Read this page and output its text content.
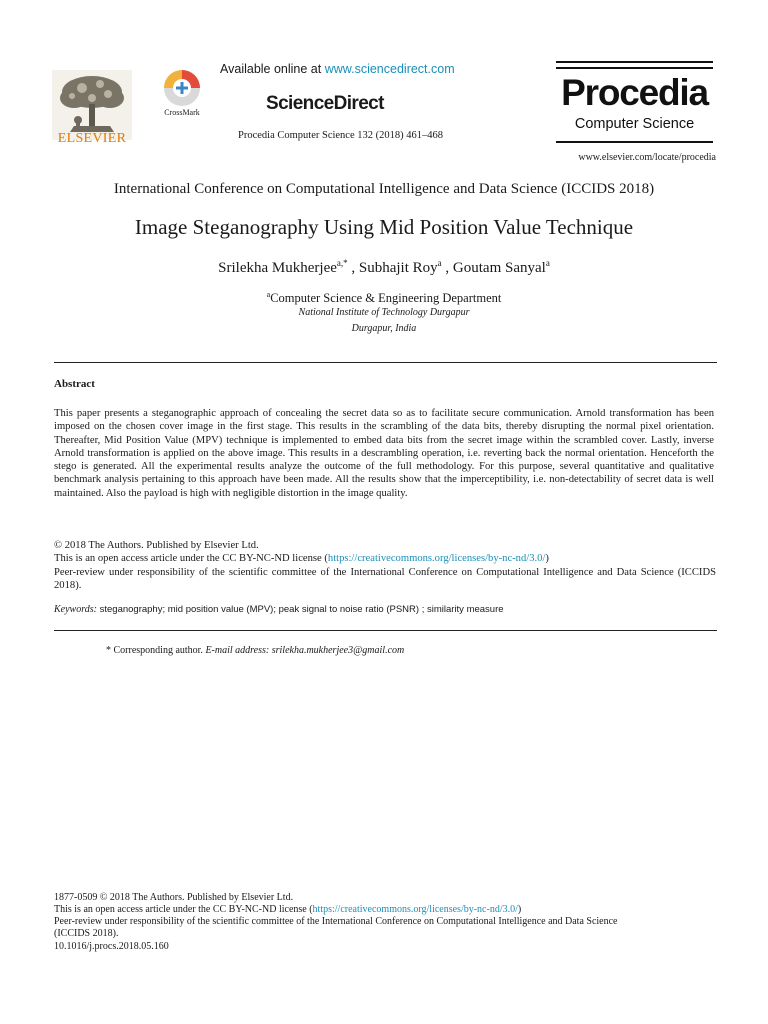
ELSEVIER
CrossMark
Available online at www.sciencedirect.com
ScienceDirect
Procedia Computer Science 132 (2018) 461–468
Procedia
Computer Science
www.elsevier.com/locate/procedia
International Conference on Computational Intelligence and Data Science (ICCIDS 2018)
Image Steganography Using Mid Position Value Technique
Srilekha Mukherjee$^{a,*}$ , Subhajit Roy$^a$ , Goutam Sanyal$^a$
$^a$Computer Science & Engineering Department
National Institute of Technology Durgapur
Durgapur, India
Abstract
This paper presents a steganographic approach of concealing the secret data so as to facilitate secure communication. Arnold transformation has been imposed on the chosen cover image in the first stage. This results in the scrambling of the data bits, thereby disrupting the normal pixel orientation. Thereafter, Mid Position Value (MPV) technique is implemented to embed data bits from the secret image within the scrambled cover. Lastly, inverse Arnold transformation is applied on the above image. This results in a descrambling operation, i.e. reverting back the normal orientation. Henceforth the stego is generated. All the experimental results analyze the outcome of the full methodology. For this purpose, several quantitative and qualitative benchmark analysis pertaining to this approach have been made. All the results show that the imperceptibility, i.e. non-detectability of secret data is well maintained. Also the payload is high with negligible distortion in the image quality.
© 2018 The Authors. Published by Elsevier Ltd.
This is an open access article under the CC BY-NC-ND license (https://creativecommons.org/licenses/by-nc-nd/3.0/)
Peer-review under responsibility of the scientific committee of the International Conference on Computational Intelligence and Data Science (ICCIDS 2018).
Keywords: steganography; mid position value (MPV); peak signal to noise ratio (PSNR) ; similarity measure
* Corresponding author. E-mail address: srilekha.mukherjee3@gmail.com
1877-0509 © 2018 The Authors. Published by Elsevier Ltd.
This is an open access article under the CC BY-NC-ND license (https://creativecommons.org/licenses/by-nc-nd/3.0/)
Peer-review under responsibility of the scientific committee of the International Conference on Computational Intelligence and Data Science
(ICCIDS 2018).
10.1016/j.procs.2018.05.160
